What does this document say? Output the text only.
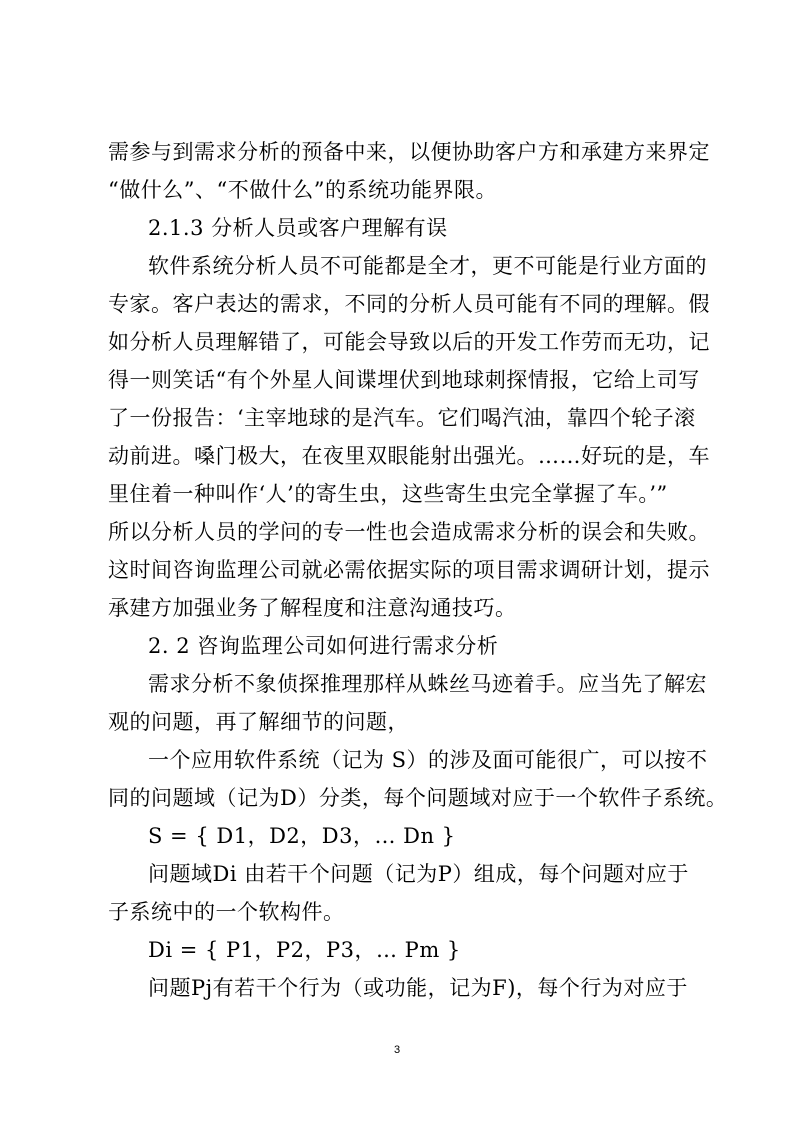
需参与到需求分析的预备中来，以便协助客户方和承建方来界定
“做什么”、“不做什么”的系统功能界限。
2.1.3 分析人员或客户理解有误
软件系统分析人员不可能都是全才，更不可能是行业方面的
专家。客户表达的需求，不同的分析人员可能有不同的理解。假
如分析人员理解错了，可能会导致以后的开发工作劳而无功，记
得一则笑话“有个外星人间谍埋伏到地球刺探情报，它给上司写
了一份报告：‘主宰地球的是汽车。它们喝汽油，靠四个轮子滚
动前进。嗓门极大，在夜里双眼能射出强光。……好玩的是，车
里住着一种叫作‘人’的寄生虫，这些寄生虫完全掌握了车。’”
所以分析人员的学问的专一性也会造成需求分析的误会和失败。
这时间咨询监理公司就必需依据实际的项目需求调研计划，提示
承建方加强业务了解程度和注意沟通技巧。
2. 2 咨询监理公司如何进行需求分析
需求分析不象侦探推理那样从蛛丝马迹着手。应当先了解宏
观的问题，再了解细节的问题，
一个应用软件系统（记为 S）的涉及面可能很广，可以按不
同的问题域（记为D）分类，每个问题域对应于一个软件子系统。
S = { D1，D2，D3，… Dn }
问题域Di 由若干个问题（记为P）组成，每个问题对应于
子系统中的一个软构件。
Di = { P1，P2，P3，… Pm }
问题Pj有若干个行为（或功能，记为F)，每个行为对应于
3
